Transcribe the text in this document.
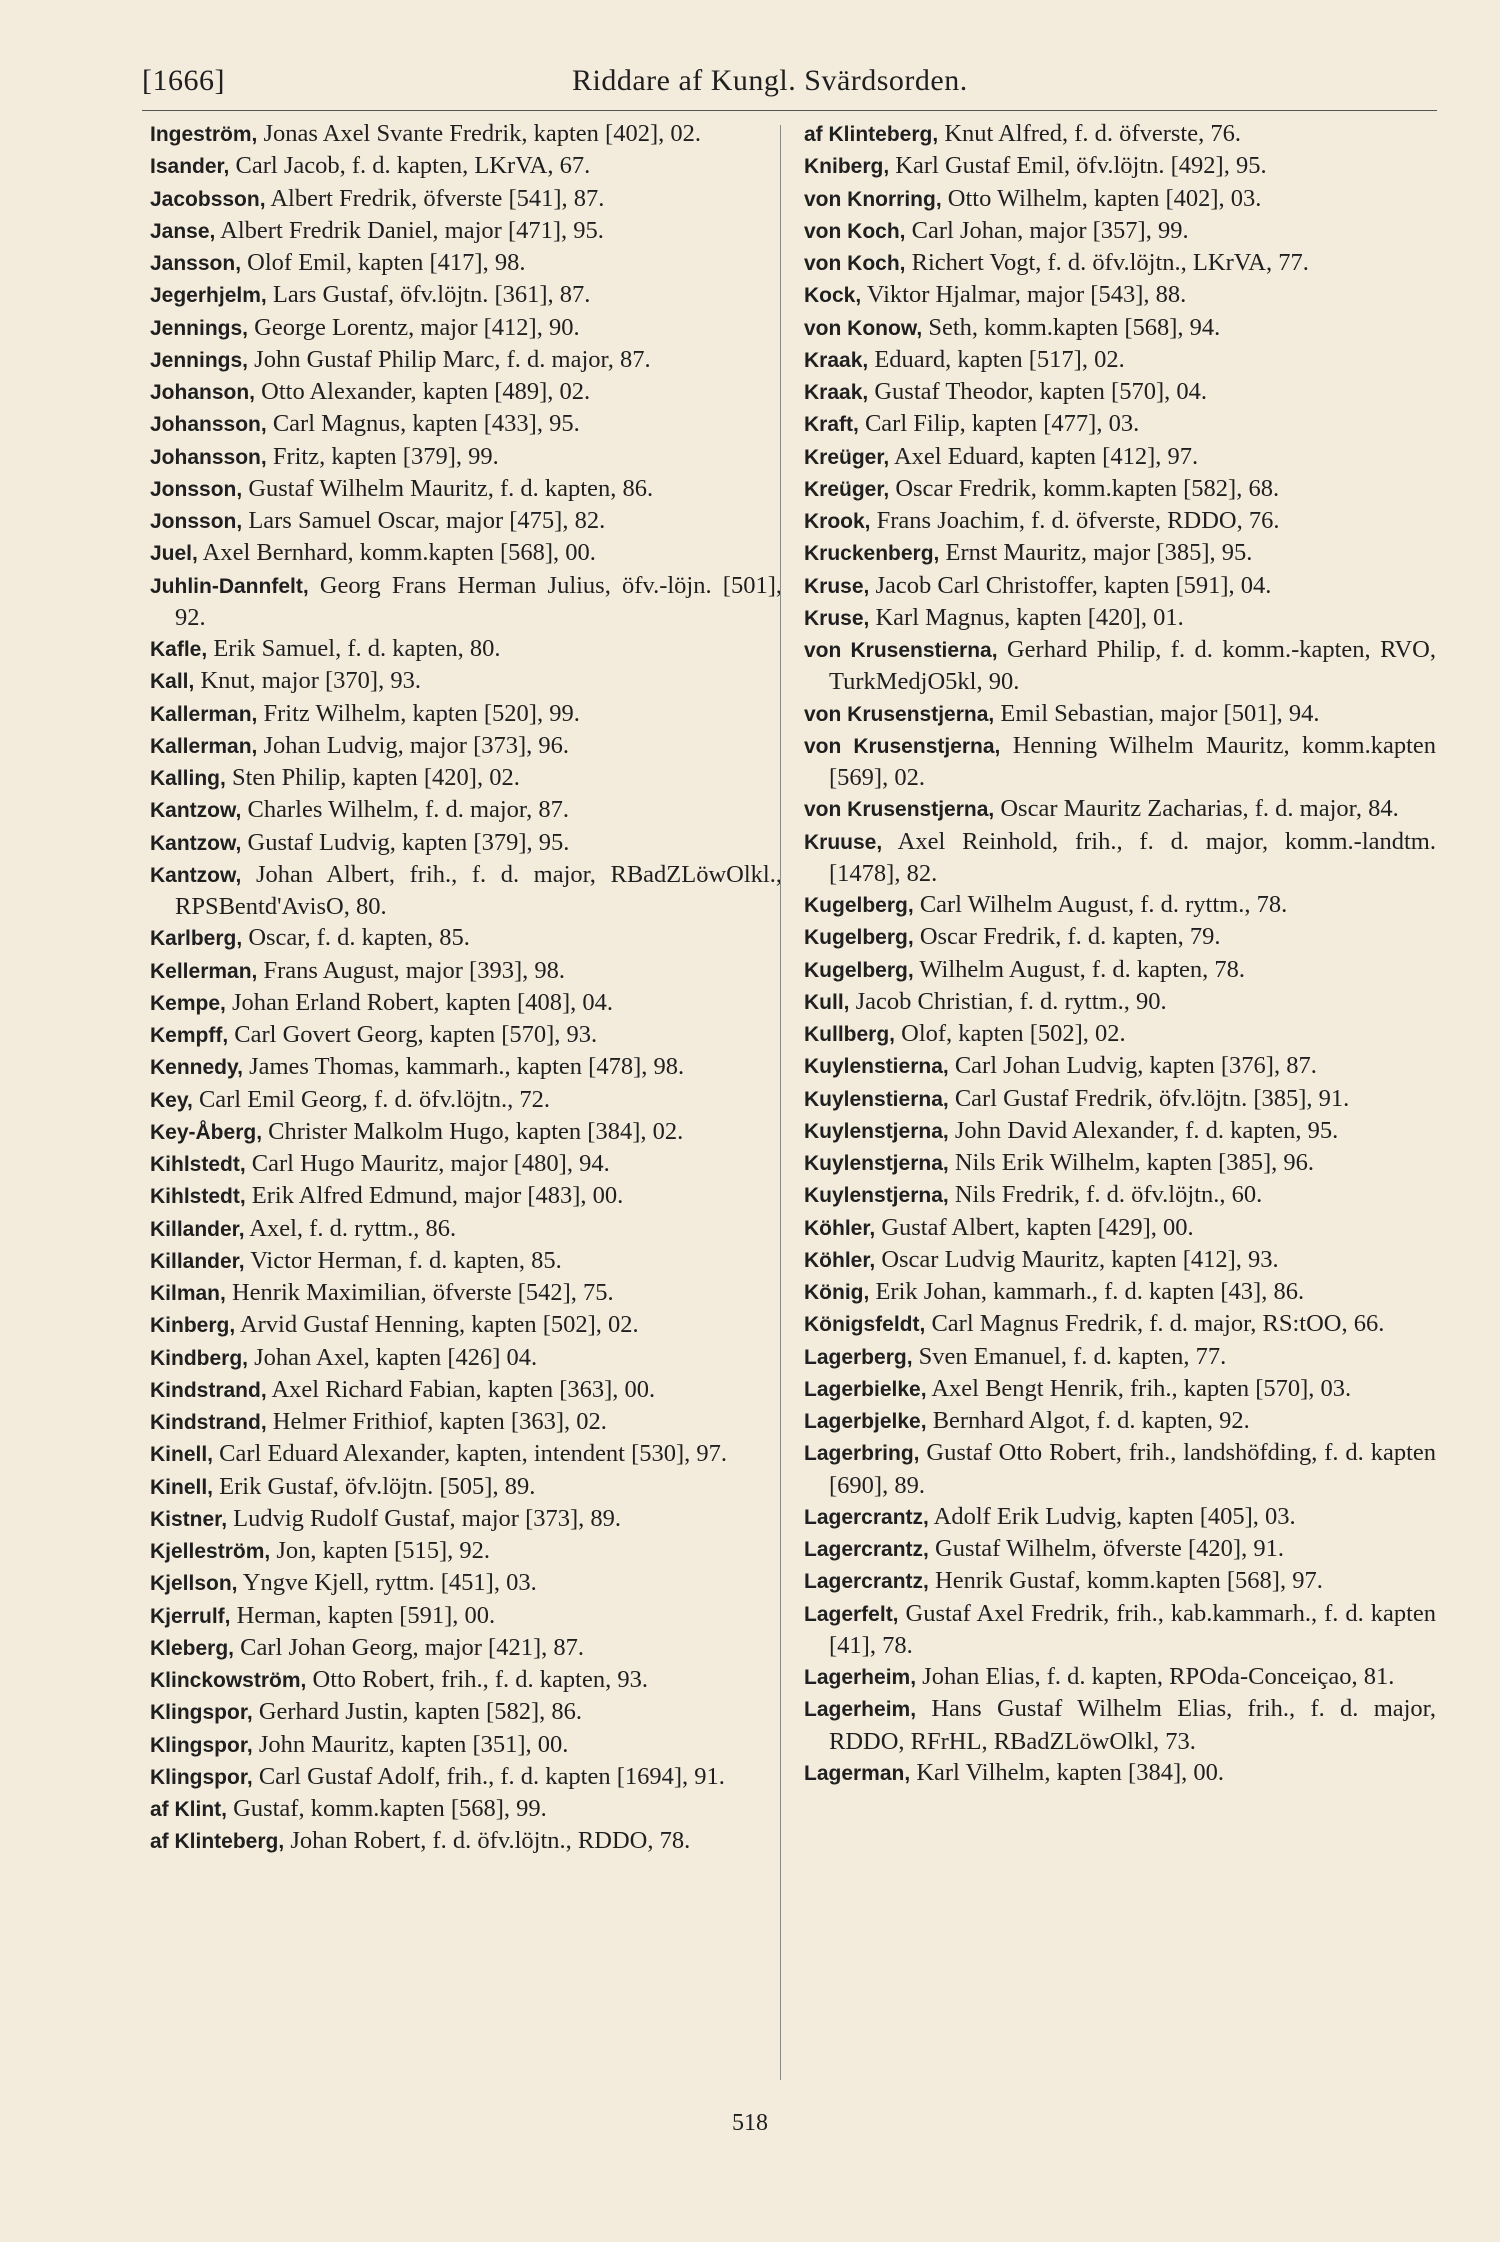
[1666]	Riddare af Kungl. Svärdsorden.

Ingeström, Jonas Axel Svante Fredrik, kapten [402], 02.

Isander, Carl Jacob, f. d. kapten, LKrVA, 67.

Jacobsson, Albert Fredrik, öfverste [541], 87.

Janse, Albert Fredrik Daniel, major [471], 95.

Jansson, Olof Emil, kapten [417], 98.

Jegerhjelm, Lars Gustaf, öfv.löjtn. [361], 87.

Jennings, George Lorentz, major [412], 90.

Jennings, John Gustaf Philip Marc, f. d. major, 87.

Johanson, Otto Alexander, kapten [489], 02.

Johansson, Carl Magnus, kapten [433], 95.

Johansson, Fritz, kapten [379], 99.

Jonsson, Gustaf Wilhelm Mauritz, f. d. kapten, 86.

Jonsson, Lars Samuel Oscar, major [475], 82.

Juel, Axel Bernhard, komm.kapten [568], 00.

Juhlin-Dannfelt, Georg Frans Herman Julius, öfv.-löjn. [501], 92.

Kafle, Erik Samuel, f. d. kapten, 80.

Kall, Knut, major [370], 93.

Kallerman, Fritz Wilhelm, kapten [520], 99.

Kallerman, Johan Ludvig, major [373], 96.

Kalling, Sten Philip, kapten [420], 02.

Kantzow, Charles Wilhelm, f. d. major, 87.

Kantzow, Gustaf Ludvig, kapten [379], 95.

Kantzow, Johan Albert, frih., f. d. major, RBadZLöwOlkl., RPSBentd'AvisO, 80.

Karlberg, Oscar, f. d. kapten, 85.

Kellerman, Frans August, major [393], 98.

Kempe, Johan Erland Robert, kapten [408], 04.

Kempff, Carl Govert Georg, kapten [570], 93.

Kennedy, James Thomas, kammarh., kapten [478], 98.

Key, Carl Emil Georg, f. d. öfv.löjtn., 72.

Key-Åberg, Christer Malkolm Hugo, kapten [384], 02.

Kihlstedt, Carl Hugo Mauritz, major [480], 94.

Kihlstedt, Erik Alfred Edmund, major [483], 00.

Killander, Axel, f. d. ryttm., 86.

Killander, Victor Herman, f. d. kapten, 85.

Kilman, Henrik Maximilian, öfverste [542], 75.

Kinberg, Arvid Gustaf Henning, kapten [502], 02.

Kindberg, Johan Axel, kapten [426] 04.

Kindstrand, Axel Richard Fabian, kapten [363], 00.

Kindstrand, Helmer Frithiof, kapten [363], 02.

Kinell, Carl Eduard Alexander, kapten, intendent [530], 97.

Kinell, Erik Gustaf, öfv.löjtn. [505], 89.

Kistner, Ludvig Rudolf Gustaf, major [373], 89.

Kjelleström, Jon, kapten [515], 92.

Kjellson, Yngve Kjell, ryttm. [451], 03.

Kjerrulf, Herman, kapten [591], 00.

Kleberg, Carl Johan Georg, major [421], 87.

Klinckowström, Otto Robert, frih., f. d. kapten, 93.

Klingspor, Gerhard Justin, kapten [582], 86.

Klingspor, John Mauritz, kapten [351], 00.

Klingspor, Carl Gustaf Adolf, frih., f. d. kapten [1694], 91.

af Klint, Gustaf, komm.kapten [568], 99.

af Klinteberg, Johan Robert, f. d. öfv.löjtn., RDDO, 78.

af Klinteberg, Knut Alfred, f. d. öfverste, 76.

Kniberg, Karl Gustaf Emil, öfv.löjtn. [492], 95.

von Knorring, Otto Wilhelm, kapten [402], 03.

von Koch, Carl Johan, major [357], 99.

von Koch, Richert Vogt, f. d. öfv.löjtn., LKrVA, 77.

Kock, Viktor Hjalmar, major [543], 88.

von Konow, Seth, komm.kapten [568], 94.

Kraak, Eduard, kapten [517], 02.

Kraak, Gustaf Theodor, kapten [570], 04.

Kraft, Carl Filip, kapten [477], 03.

Kreüger, Axel Eduard, kapten [412], 97.

Kreüger, Oscar Fredrik, komm.kapten [582], 68.

Krook, Frans Joachim, f. d. öfverste, RDDO, 76.

Kruckenberg, Ernst Mauritz, major [385], 95.

Kruse, Jacob Carl Christoffer, kapten [591], 04.

Kruse, Karl Magnus, kapten [420], 01.

von Krusenstierna, Gerhard Philip, f. d. komm.-kapten, RVO, TurkMedjO5kl, 90.

von Krusenstjerna, Emil Sebastian, major [501], 94.

von Krusenstjerna, Henning Wilhelm Mauritz, komm.kapten [569], 02.

von Krusenstjerna, Oscar Mauritz Zacharias, f. d. major, 84.

Kruuse, Axel Reinhold, frih., f. d. major, komm.-landtm. [1478], 82.

Kugelberg, Carl Wilhelm August, f. d. ryttm., 78.

Kugelberg, Oscar Fredrik, f. d. kapten, 79.

Kugelberg, Wilhelm August, f. d. kapten, 78.

Kull, Jacob Christian, f. d. ryttm., 90.

Kullberg, Olof, kapten [502], 02.

Kuylenstierna, Carl Johan Ludvig, kapten [376], 87.

Kuylenstierna, Carl Gustaf Fredrik, öfv.löjtn. [385], 91.

Kuylenstjerna, John David Alexander, f. d. kapten, 95.

Kuylenstjerna, Nils Erik Wilhelm, kapten [385], 96.

Kuylenstjerna, Nils Fredrik, f. d. öfv.löjtn., 60.

Köhler, Gustaf Albert, kapten [429], 00.

Köhler, Oscar Ludvig Mauritz, kapten [412], 93.

König, Erik Johan, kammarh., f. d. kapten [43], 86.

Königsfeldt, Carl Magnus Fredrik, f. d. major, RS:tOO, 66.

Lagerberg, Sven Emanuel, f. d. kapten, 77.

Lagerbielke, Axel Bengt Henrik, frih., kapten [570], 03.

Lagerbjelke, Bernhard Algot, f. d. kapten, 92.

Lagerbring, Gustaf Otto Robert, frih., landshöfding, f. d. kapten [690], 89.

Lagercrantz, Adolf Erik Ludvig, kapten [405], 03.

Lagercrantz, Gustaf Wilhelm, öfverste [420], 91.

Lagercrantz, Henrik Gustaf, komm.kapten [568], 97.

Lagerfelt, Gustaf Axel Fredrik, frih., kab.kammarh., f. d. kapten [41], 78.

Lagerheim, Johan Elias, f. d. kapten, RPOda-Conceiçao, 81.

Lagerheim, Hans Gustaf Wilhelm Elias, frih., f. d. major, RDDO, RFrHL, RBadZLöwOlkl, 73.

Lagerman, Karl Vilhelm, kapten [384], 00.

518
